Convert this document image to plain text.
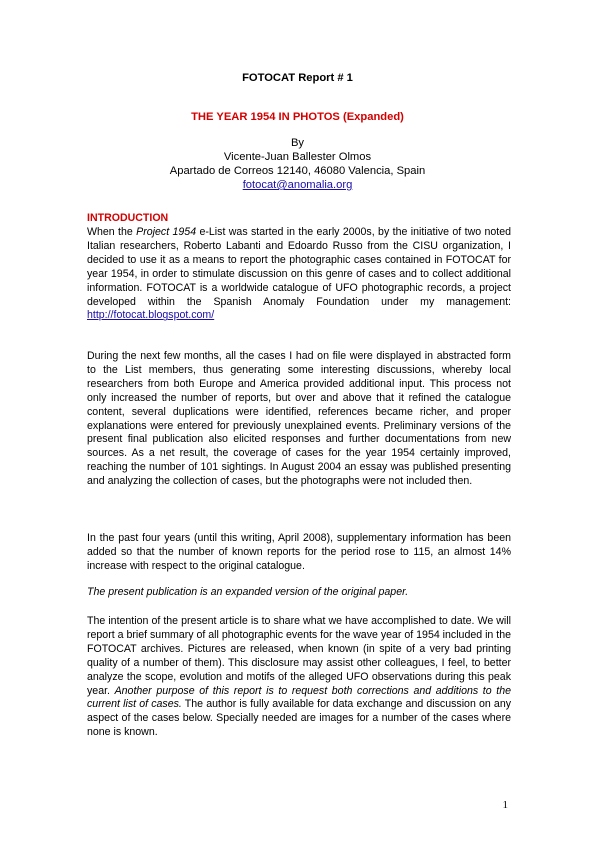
FOTOCAT Report # 1
THE YEAR 1954 IN PHOTOS (Expanded)
By
Vicente-Juan Ballester Olmos
Apartado de Correos 12140, 46080 Valencia, Spain
fotocat@anomalia.org
INTRODUCTION
When the Project 1954 e-List was started in the early 2000s, by the initiative of two noted Italian researchers, Roberto Labanti and Edoardo Russo from the CISU organization, I decided to use it as a means to report the photographic cases contained in FOTOCAT for year 1954, in order to stimulate discussion on this genre of cases and to collect additional information. FOTOCAT is a worldwide catalogue of UFO photographic records, a project developed within the Spanish Anomaly Foundation under my management: http://fotocat.blogspot.com/
During the next few months, all the cases I had on file were displayed in abstracted form to the List members, thus generating some interesting discussions, whereby local researchers from both Europe and America provided additional input. This process not only increased the number of reports, but over and above that it refined the catalogue content, several duplications were identified, references became richer, and proper explanations were entered for previously unexplained events. Preliminary versions of the present final publication also elicited responses and further documentations from new sources. As a net result, the coverage of cases for the year 1954 certainly improved, reaching the number of 101 sightings. In August 2004 an essay was published presenting and analyzing the collection of cases, but the photographs were not included then.
In the past four years (until this writing, April 2008), supplementary information has been added so that the number of known reports for the period rose to 115, an almost 14% increase with respect to the original catalogue.
The present publication is an expanded version of the original paper.
The intention of the present article is to share what we have accomplished to date. We will report a brief summary of all photographic events for the wave year of 1954 included in the FOTOCAT archives. Pictures are released, when known (in spite of a very bad printing quality of a number of them). This disclosure may assist other colleagues, I feel, to better analyze the scope, evolution and motifs of the alleged UFO observations during this peak year. Another purpose of this report is to request both corrections and additions to the current list of cases. The author is fully available for data exchange and discussion on any aspect of the cases below. Specially needed are images for a number of the cases where none is known.
1
